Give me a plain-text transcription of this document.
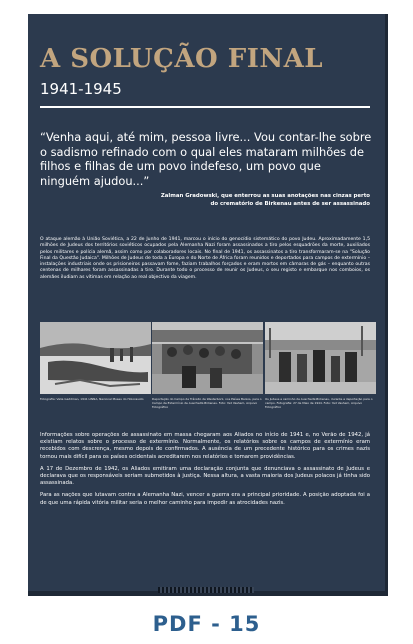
A SOLUÇÃO FINAL
1941-1945

“Venha aqui, até mim, pessoa livre... Vou contar-lhe sobre o sadismo refinado com o qual eles mataram milhões de filhos e filhas de um povo indefeso, um povo que ninguém ajudou...”

Zalman Gradowski, que enterrou as suas anotações nas cinzas perto do crematório de Birkenau antes de ser assassinado

O ataque alemão à União Soviética, a 22 de Junho de 1941, marcou o início do genocídio sistemático do povo Judeu. Aproximadamente 1,5 milhões de Judeus dos territórios soviéticos ocupados pela Alemanha Nazi foram assassinados a tiro pelos esquadrões da morte, auxiliados pelos militares e polícia alemã, assim como por colaboradores locais. No final de 1941, os assassinatos a tiro transformaram-se na "Solução Final da Questão Judaica". Milhões de Judeus de toda a Europa e do Norte de África foram reunidos e deportados para campos de extermínio – instalações industriais onde os prisioneiros passavam fome, faziam trabalhos forçados e eram mortos em câmaras de gás – enquanto outras centenas de milhares foram assassinadas a tiro. Durante todo o processo de reunir os Judeus, o seu registo e embarque nos comboios, os alemães iludiam as vítimas em relação ao real objectivo da viagem.

Fotografia: Valia Gaddman, 1941 LINNA, Nacional Museu do Holocausto	Deportação do Campo de Trânsito de Westerbork, nos Países Baixos, para o Campo de Extermínio de Auschwitz-Birkenau. Foto: Yad Vashem, Arquivo Fotográfico
Os Judeus a caminho de Auschwitz-Birkenau, durante a deportação para o campo. Fotografia: 27 de Maio de 1944. Foto: Yad Vashem, Arquivo Fotográfico

Informações sobre operações de assassinato em massa chegaram aos Aliados no início de 1941 e, no Verão de 1942, já existiam relatos sobre o processo de extermínio. Normalmente, os relatórios sobre os campos de extermínio eram recebidos com descrença, mesmo depois de confirmados. A ausência de um precedente histórico para os crimes nazis tornou mais difícil para os países ocidentais acreditarem nos relatórios e tomarem providências.

A 17 de Dezembro de 1942, os Aliados emitiram uma declaração conjunta que denunciava o assassinato de Judeus e declarava que os responsáveis seriam submetidos à justiça. Nessa altura, a vasta maioria dos Judeus polacos já tinha sido assassinada.

Para as nações que lutavam contra a Alemanha Nazi, vencer a guerra era a principal prioridade. A posição adoptada foi a de que uma rápida vitória militar seria o melhor caminho para impedir as atrocidades nazis.

PDF - 15
